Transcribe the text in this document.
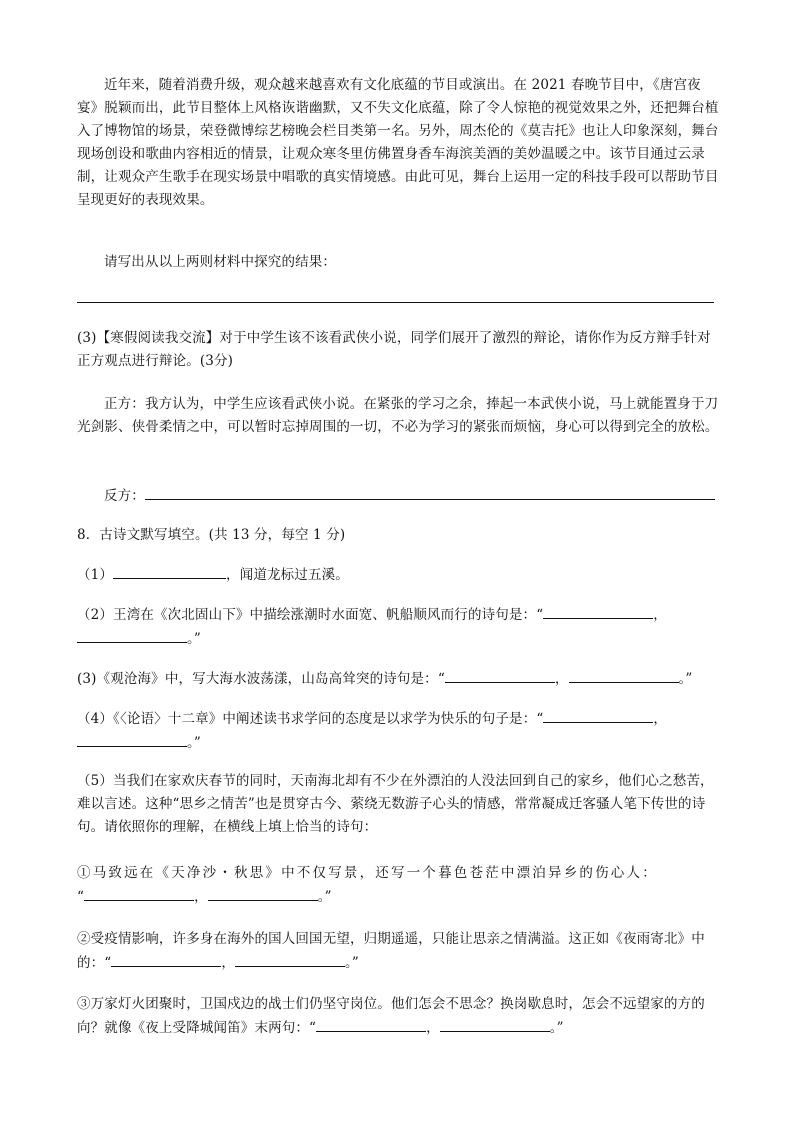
近年来，随着消费升级，观众越来越喜欢有文化底蕴的节目或演出。在 2021 春晚节目中，《唐宫夜宴》脱颖而出，此节目整体上风格诙谐幽默，又不失文化底蕴，除了令人惊艳的视觉效果之外，还把舞台植入了博物馆的场景，荣登微博综艺榜晚会栏目类第一名。另外，周杰伦的《莫吉托》也让人印象深刻，舞台现场创设和歌曲内容相近的情景，让观众寒冬里仿佛置身香车海滨美酒的美妙温暖之中。该节目通过云录制，让观众产生歌手在现实场景中唱歌的真实情境感。由此可见，舞台上运用一定的科技手段可以帮助节目呈现更好的表现效果。

请写出从以上两则材料中探究的结果：

(3)【寒假阅读我交流】对于中学生该不该看武侠小说，同学们展开了激烈的辩论，请你作为反方辩手针对正方观点进行辩论。(3分)

正方：我方认为，中学生应该看武侠小说。在紧张的学习之余，捧起一本武侠小说，马上就能置身于刀光剑影、侠骨柔情之中，可以暂时忘掉周围的一切，不必为学习的紧张而烦恼，身心可以得到完全的放松。

反方：

8．古诗文默写填空。(共 13 分，每空 1 分)

（1）	，闻道龙标过五溪。

（2）王湾在《次北固山下》中描绘涨潮时水面宽、帆船顺风而行的诗句是：“	，
。”

(3)《观沧海》中，写大海水波荡漾，山岛高耸突的诗句是：“	，	。”

（4）《〈论语〉十二章》中阐述读书求学问的态度是以求学为快乐的句子是：“	，
。”

（5）当我们在家欢庆春节的同时，天南海北却有不少在外漂泊的人没法回到自己的家乡，他们心之愁苦，难以言述。这种“思乡之情苦”也是贯穿古今、萦绕无数游子心头的情感，常常凝成迁客骚人笔下传世的诗句。请依照你的理解，在横线上填上恰当的诗句：

①马致远在《天净沙・秋思》中不仅写景，还写一个暮色苍茫中漂泊异乡的伤心人：
“	，	。”

②受疫情影响，许多身在海外的国人回国无望，归期遥遥，只能让思亲之情满溢。这正如《夜雨寄北》中
的：“	，	。”

③万家灯火团聚时，卫国戍边的战士们仍坚守岗位。他们怎会不思念？换岗歇息时，怎会不远望家的方的
向？就像《夜上受降城闻笛》末两句：“	，	。”
